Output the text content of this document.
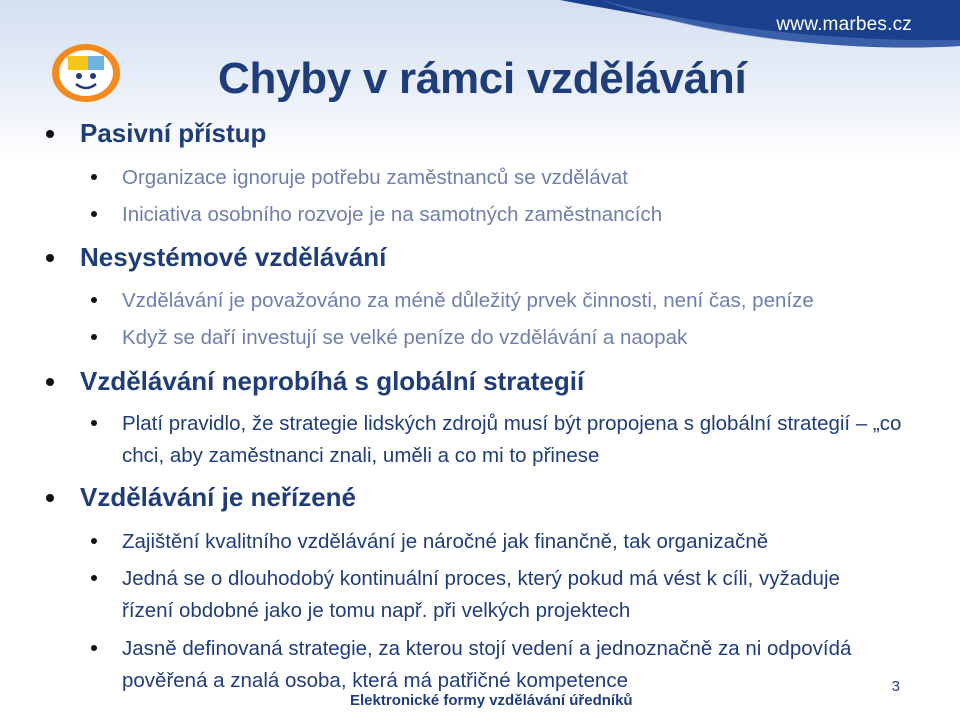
www.marbes.cz
Chyby v rámci vzdělávání
Pasivní přístup
Organizace ignoruje potřebu zaměstnanců se vzdělávat
Iniciativa osobního rozvoje je na samotných zaměstnancích
Nesystémové vzdělávání
Vzdělávání je považováno za méně důležitý prvek činnosti, není čas, peníze
Když se daří investují se velké peníze do vzdělávání a naopak
Vzdělávání neprobíhá s globální strategií
Platí pravidlo, že strategie lidských zdrojů musí být propojena s globální strategií – „co chci, aby zaměstnanci znali, uměli a co mi to přinese
Vzdělávání je neřízené
Zajištění kvalitního vzdělávání je náročné jak finančně, tak organizačně
Jedná se o dlouhodobý kontinuální proces, který pokud má vést k cíli, vyžaduje řízení obdobné jako je tomu např. při velkých projektech
Jasně definovaná strategie, za kterou stojí vedení a jednoznačně za ni odpovídá pověřená a znalá osoba, která má patřičné kompetence
Elektronické formy vzdělávání úředníků
3
